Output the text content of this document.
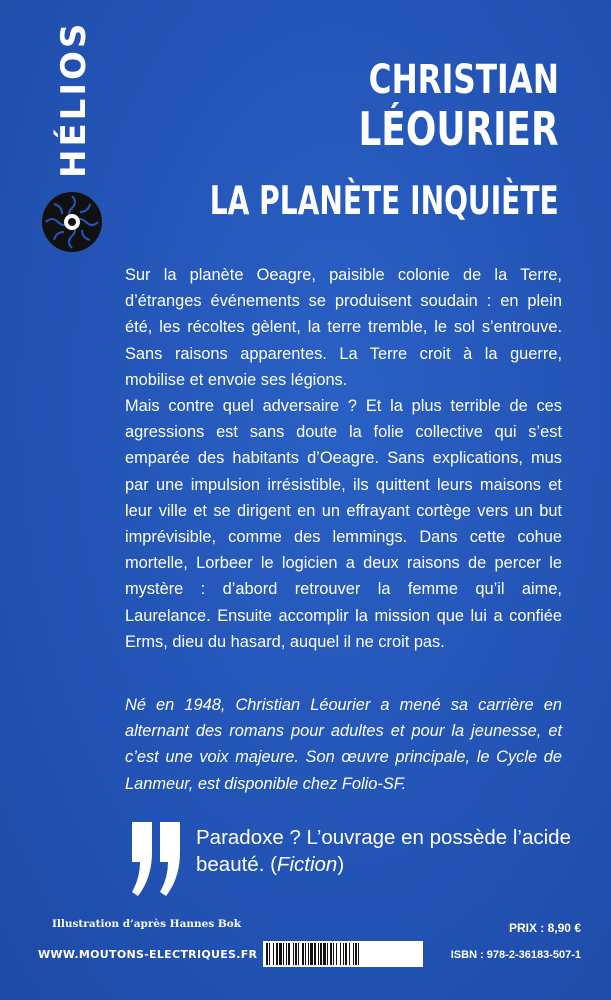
HÉLIOS	CHRISTIAN
LÉOURIER
LA PLANÈTE INQUIÈTE

Sur la planète Oeagre, paisible colonie de la Terre, d’étranges événements se produisent soudain : en plein été, les récoltes gèlent, la terre tremble, le sol s’entrouve. Sans raisons apparentes. La Terre croit à la guerre, mobilise et envoie ses légions.

Mais contre quel adversaire ? Et la plus terrible de ces agressions est sans doute la folie collective qui s’est emparée des habitants d’Oeagre. Sans explications, mus par une impulsion irrésistible, ils quittent leurs maisons et leur ville et se dirigent en un effrayant cortège vers un but imprévisible, comme des lemmings. Dans cette cohue mortelle, Lorbeer le logicien a deux raisons de percer le mystère : d’abord retrouver la femme qu’il aime, Laurelance. Ensuite accomplir la mission que lui a confiée Erms, dieu du hasard, auquel il ne croit pas.

Né en 1948, Christian Léourier a mené sa carrière en alternant des romans pour adultes et pour la jeunesse, et c’est une voix majeure. Son œuvre principale, le Cycle de Lanmeur, est disponible chez Folio-SF.
Paradoxe ? L’ouvrage en possède l’acide beauté. (Fiction)
Illustration d’après Hannes Bok
WWW.MOUTONS-ELECTRIQUES.FR
PRIX : 8,90 €
ISBN : 978-2-36183-507-1
